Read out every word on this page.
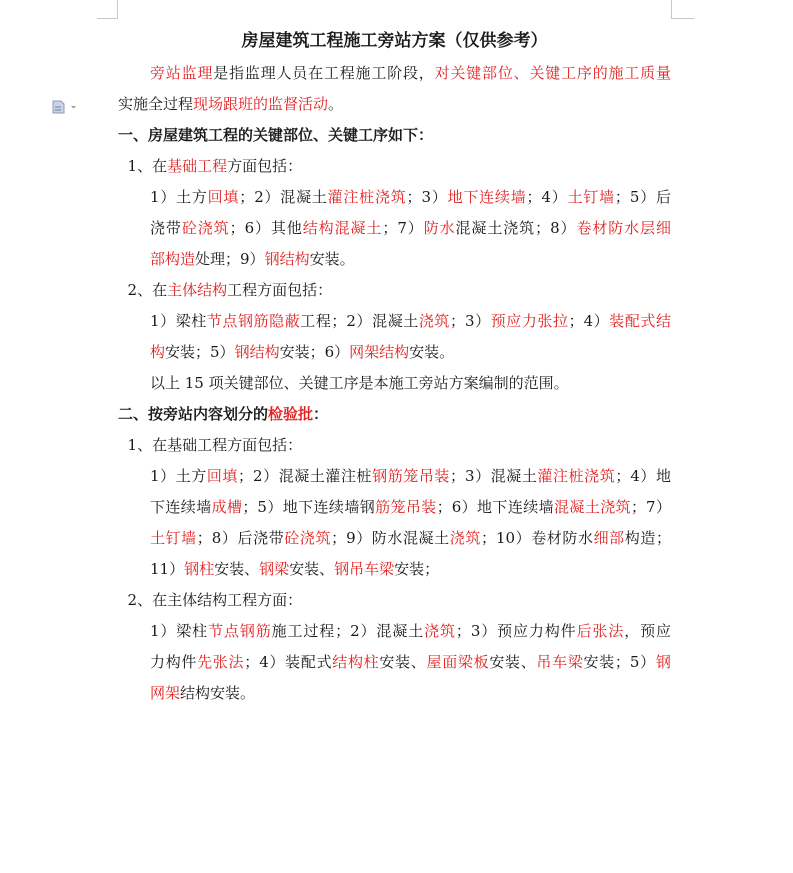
房屋建筑工程施工旁站方案（仅供参考）
旁站监理是指监理人员在工程施工阶段，对关键部位、关键工序的施工质量
实施全过程现场跟班的监督活动。
一、房屋建筑工程的关键部位、关键工序如下：
1、在基础工程方面包括：
1）土方回填；2）混凝土灌注桩浇筑；3）地下连续墙；4）土钉墙；5）后
浇带砼浇筑；6）其他结构混凝土；7）防水混凝土浇筑；8）卷材防水层细
部构造处理；9）钢结构安装。
2、在主体结构工程方面包括：
1）梁柱节点钢筋隐蔽工程；2）混凝土浇筑；3）预应力张拉；4）装配式结
构安装；5）钢结构安装；6）网架结构安装。
以上 15 项关键部位、关键工序是本施工旁站方案编制的范围。
二、按旁站内容划分的检验批：
1、在基础工程方面包括：
1）土方回填；2）混凝土灌注桩钢筋笼吊装；3）混凝土灌注桩浇筑；4）地
下连续墙成槽；5）地下连续墙钢筋笼吊装；6）地下连续墙混凝土浇筑；7）
土钉墙；8）后浇带砼浇筑；9）防水混凝土浇筑；10）卷材防水细部构造；
11）钢柱安装、钢梁安装、钢吊车梁安装；
2、在主体结构工程方面：
1）梁柱节点钢筋施工过程；2）混凝土浇筑；3）预应力构件后张法，预应
力构件先张法；4）装配式结构柱安装、屋面梁板安装、吊车梁安装；5）钢
网架结构安装。
